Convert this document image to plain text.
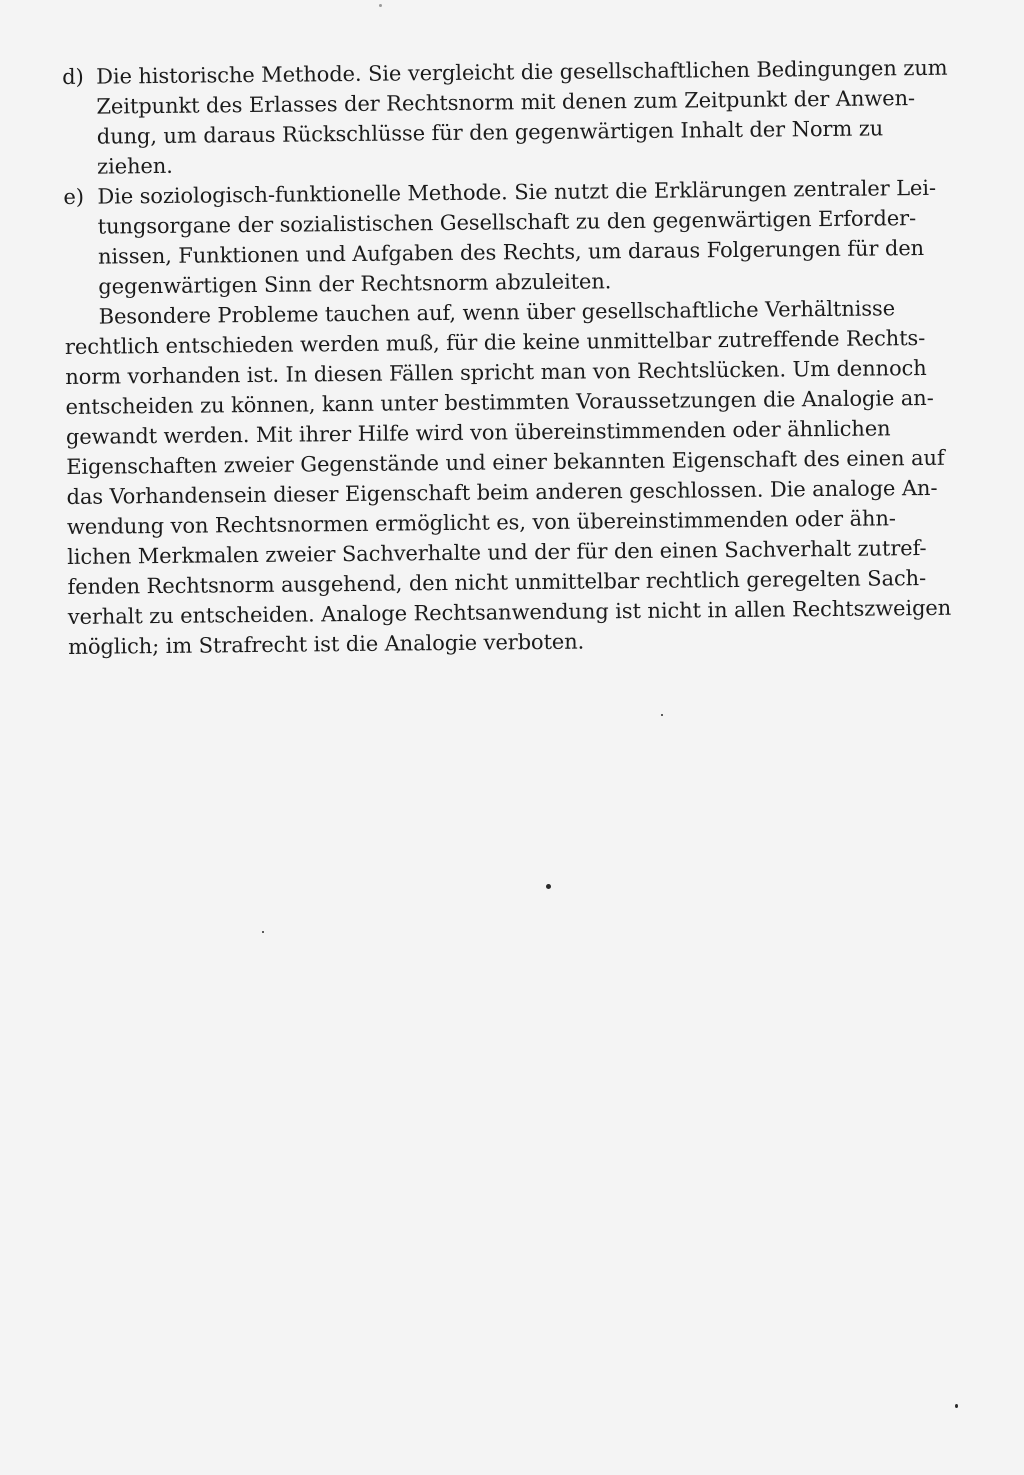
d) Die historische Methode. Sie vergleicht die gesellschaftlichen Bedingungen zum
Zeitpunkt des Erlasses der Rechtsnorm mit denen zum Zeitpunkt der Anwen-
dung, um daraus Rückschlüsse für den gegenwärtigen Inhalt der Norm zu
ziehen.
e) Die soziologisch-funktionelle Methode. Sie nutzt die Erklärungen zentraler Lei-
tungsorgane der sozialistischen Gesellschaft zu den gegenwärtigen Erforder-
nissen, Funktionen und Aufgaben des Rechts, um daraus Folgerungen für den
gegenwärtigen Sinn der Rechtsnorm abzuleiten.
Besondere Probleme tauchen auf, wenn über gesellschaftliche Verhältnisse
rechtlich entschieden werden muß, für die keine unmittelbar zutreffende Rechts-
norm vorhanden ist. In diesen Fällen spricht man von Rechtslücken. Um dennoch
entscheiden zu können, kann unter bestimmten Voraussetzungen die Analogie an-
gewandt werden. Mit ihrer Hilfe wird von übereinstimmenden oder ähnlichen
Eigenschaften zweier Gegenstände und einer bekannten Eigenschaft des einen auf
das Vorhandensein dieser Eigenschaft beim anderen geschlossen. Die analoge An-
wendung von Rechtsnormen ermöglicht es, von übereinstimmenden oder ähn-
lichen Merkmalen zweier Sachverhalte und der für den einen Sachverhalt zutref-
fenden Rechtsnorm ausgehend, den nicht unmittelbar rechtlich geregelten Sach-
verhalt zu entscheiden. Analoge Rechtsanwendung ist nicht in allen Rechtszweigen
möglich; im Strafrecht ist die Analogie verboten.
